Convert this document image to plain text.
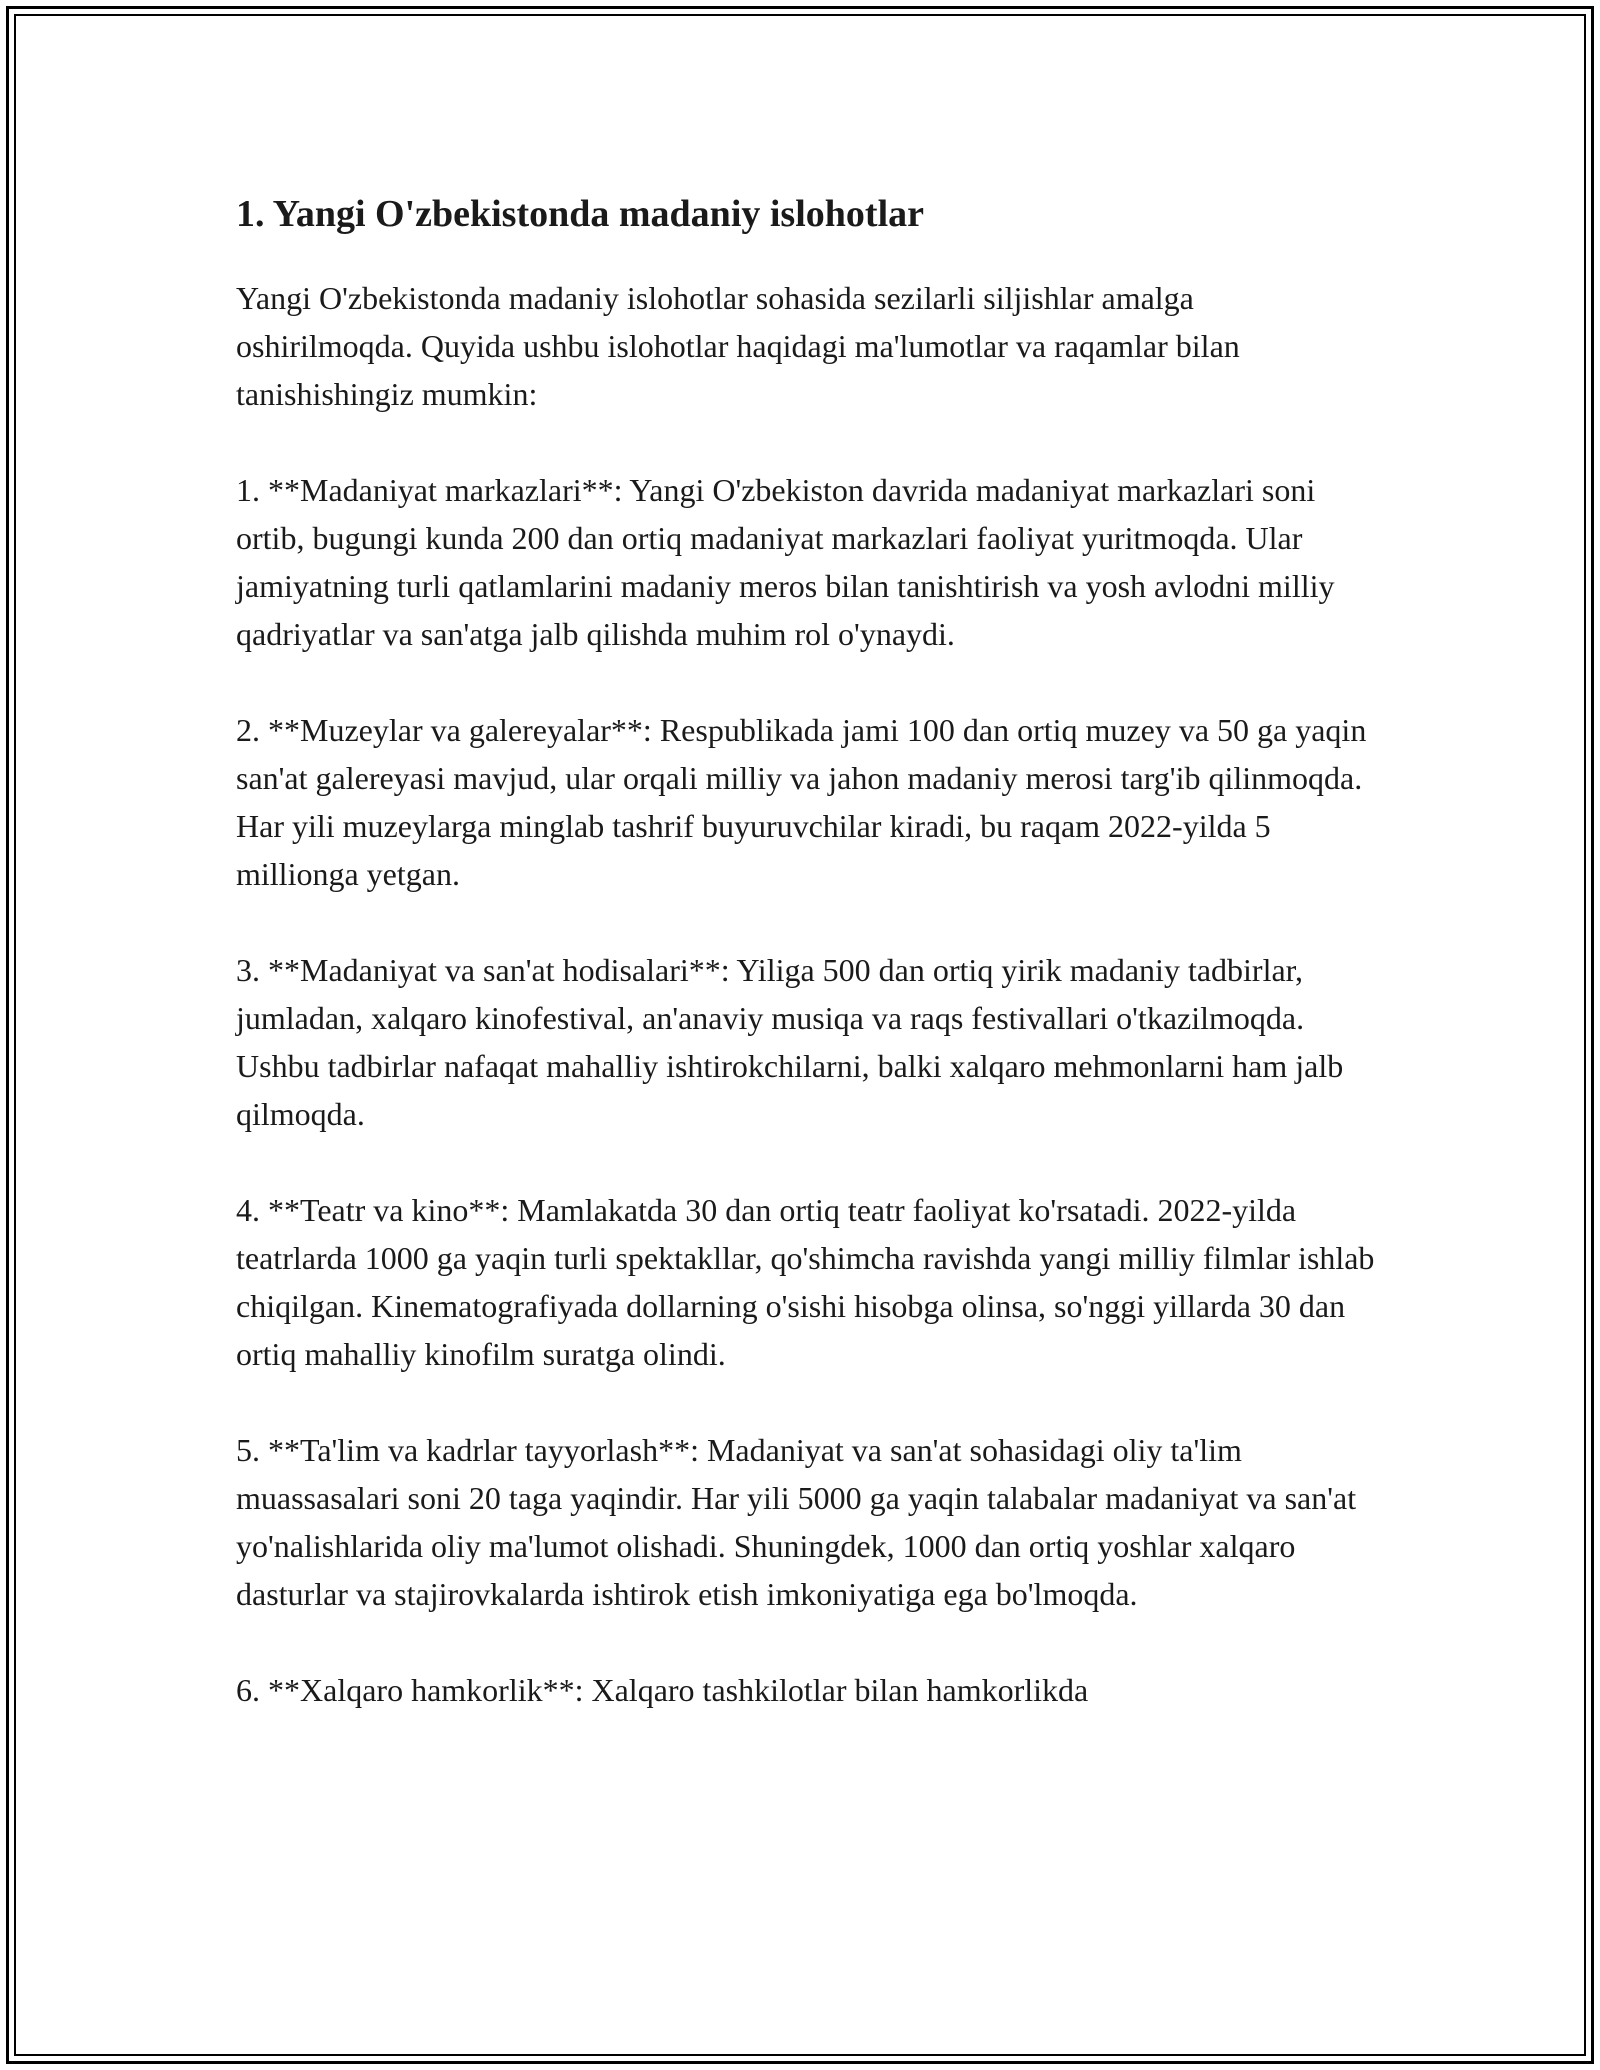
1. Yangi O'zbekistonda madaniy islohotlar

Yangi O'zbekistonda madaniy islohotlar sohasida sezilarli siljishlar amalga oshirilmoqda. Quyida ushbu islohotlar haqidagi ma'lumotlar va raqamlar bilan tanishishingiz mumkin:

1. **Madaniyat markazlari**: Yangi O'zbekiston davrida madaniyat markazlari soni ortib, bugungi kunda 200 dan ortiq madaniyat markazlari faoliyat yuritmoqda. Ular jamiyatning turli qatlamlarini madaniy meros bilan tanishtirish va yosh avlodni milliy qadriyatlar va san'atga jalb qilishda muhim rol o'ynaydi.

2. **Muzeylar va galereyalar**: Respublikada jami 100 dan ortiq muzey va 50 ga yaqin san'at galereyasi mavjud, ular orqali milliy va jahon madaniy merosi targ'ib qilinmoqda. Har yili muzeylarga minglab tashrif buyuruvchilar kiradi, bu raqam 2022-yilda 5 millionga yetgan.

3. **Madaniyat va san'at hodisalari**: Yiliga 500 dan ortiq yirik madaniy tadbirlar, jumladan, xalqaro kinofestival, an'anaviy musiqa va raqs festivallari o'tkazilmoqda. Ushbu tadbirlar nafaqat mahalliy ishtirokchilarni, balki xalqaro mehmonlarni ham jalb qilmoqda.

4. **Teatr va kino**: Mamlakatda 30 dan ortiq teatr faoliyat ko'rsatadi. 2022-yilda teatrlarda 1000 ga yaqin turli spektakllar, qo'shimcha ravishda yangi milliy filmlar ishlab chiqilgan. Kinematografiyada dollarning o'sishi hisobga olinsa, so'nggi yillarda 30 dan ortiq mahalliy kinofilm suratga olindi.

5. **Ta'lim va kadrlar tayyorlash**: Madaniyat va san'at sohasidagi oliy ta'lim muassasalari soni 20 taga yaqindir. Har yili 5000 ga yaqin talabalar madaniyat va san'at yo'nalishlarida oliy ma'lumot olishadi. Shuningdek, 1000 dan ortiq yoshlar xalqaro dasturlar va stajirovkalarda ishtirok etish imkoniyatiga ega bo'lmoqda.

6. **Xalqaro hamkorlik**: Xalqaro tashkilotlar bilan hamkorlikda
